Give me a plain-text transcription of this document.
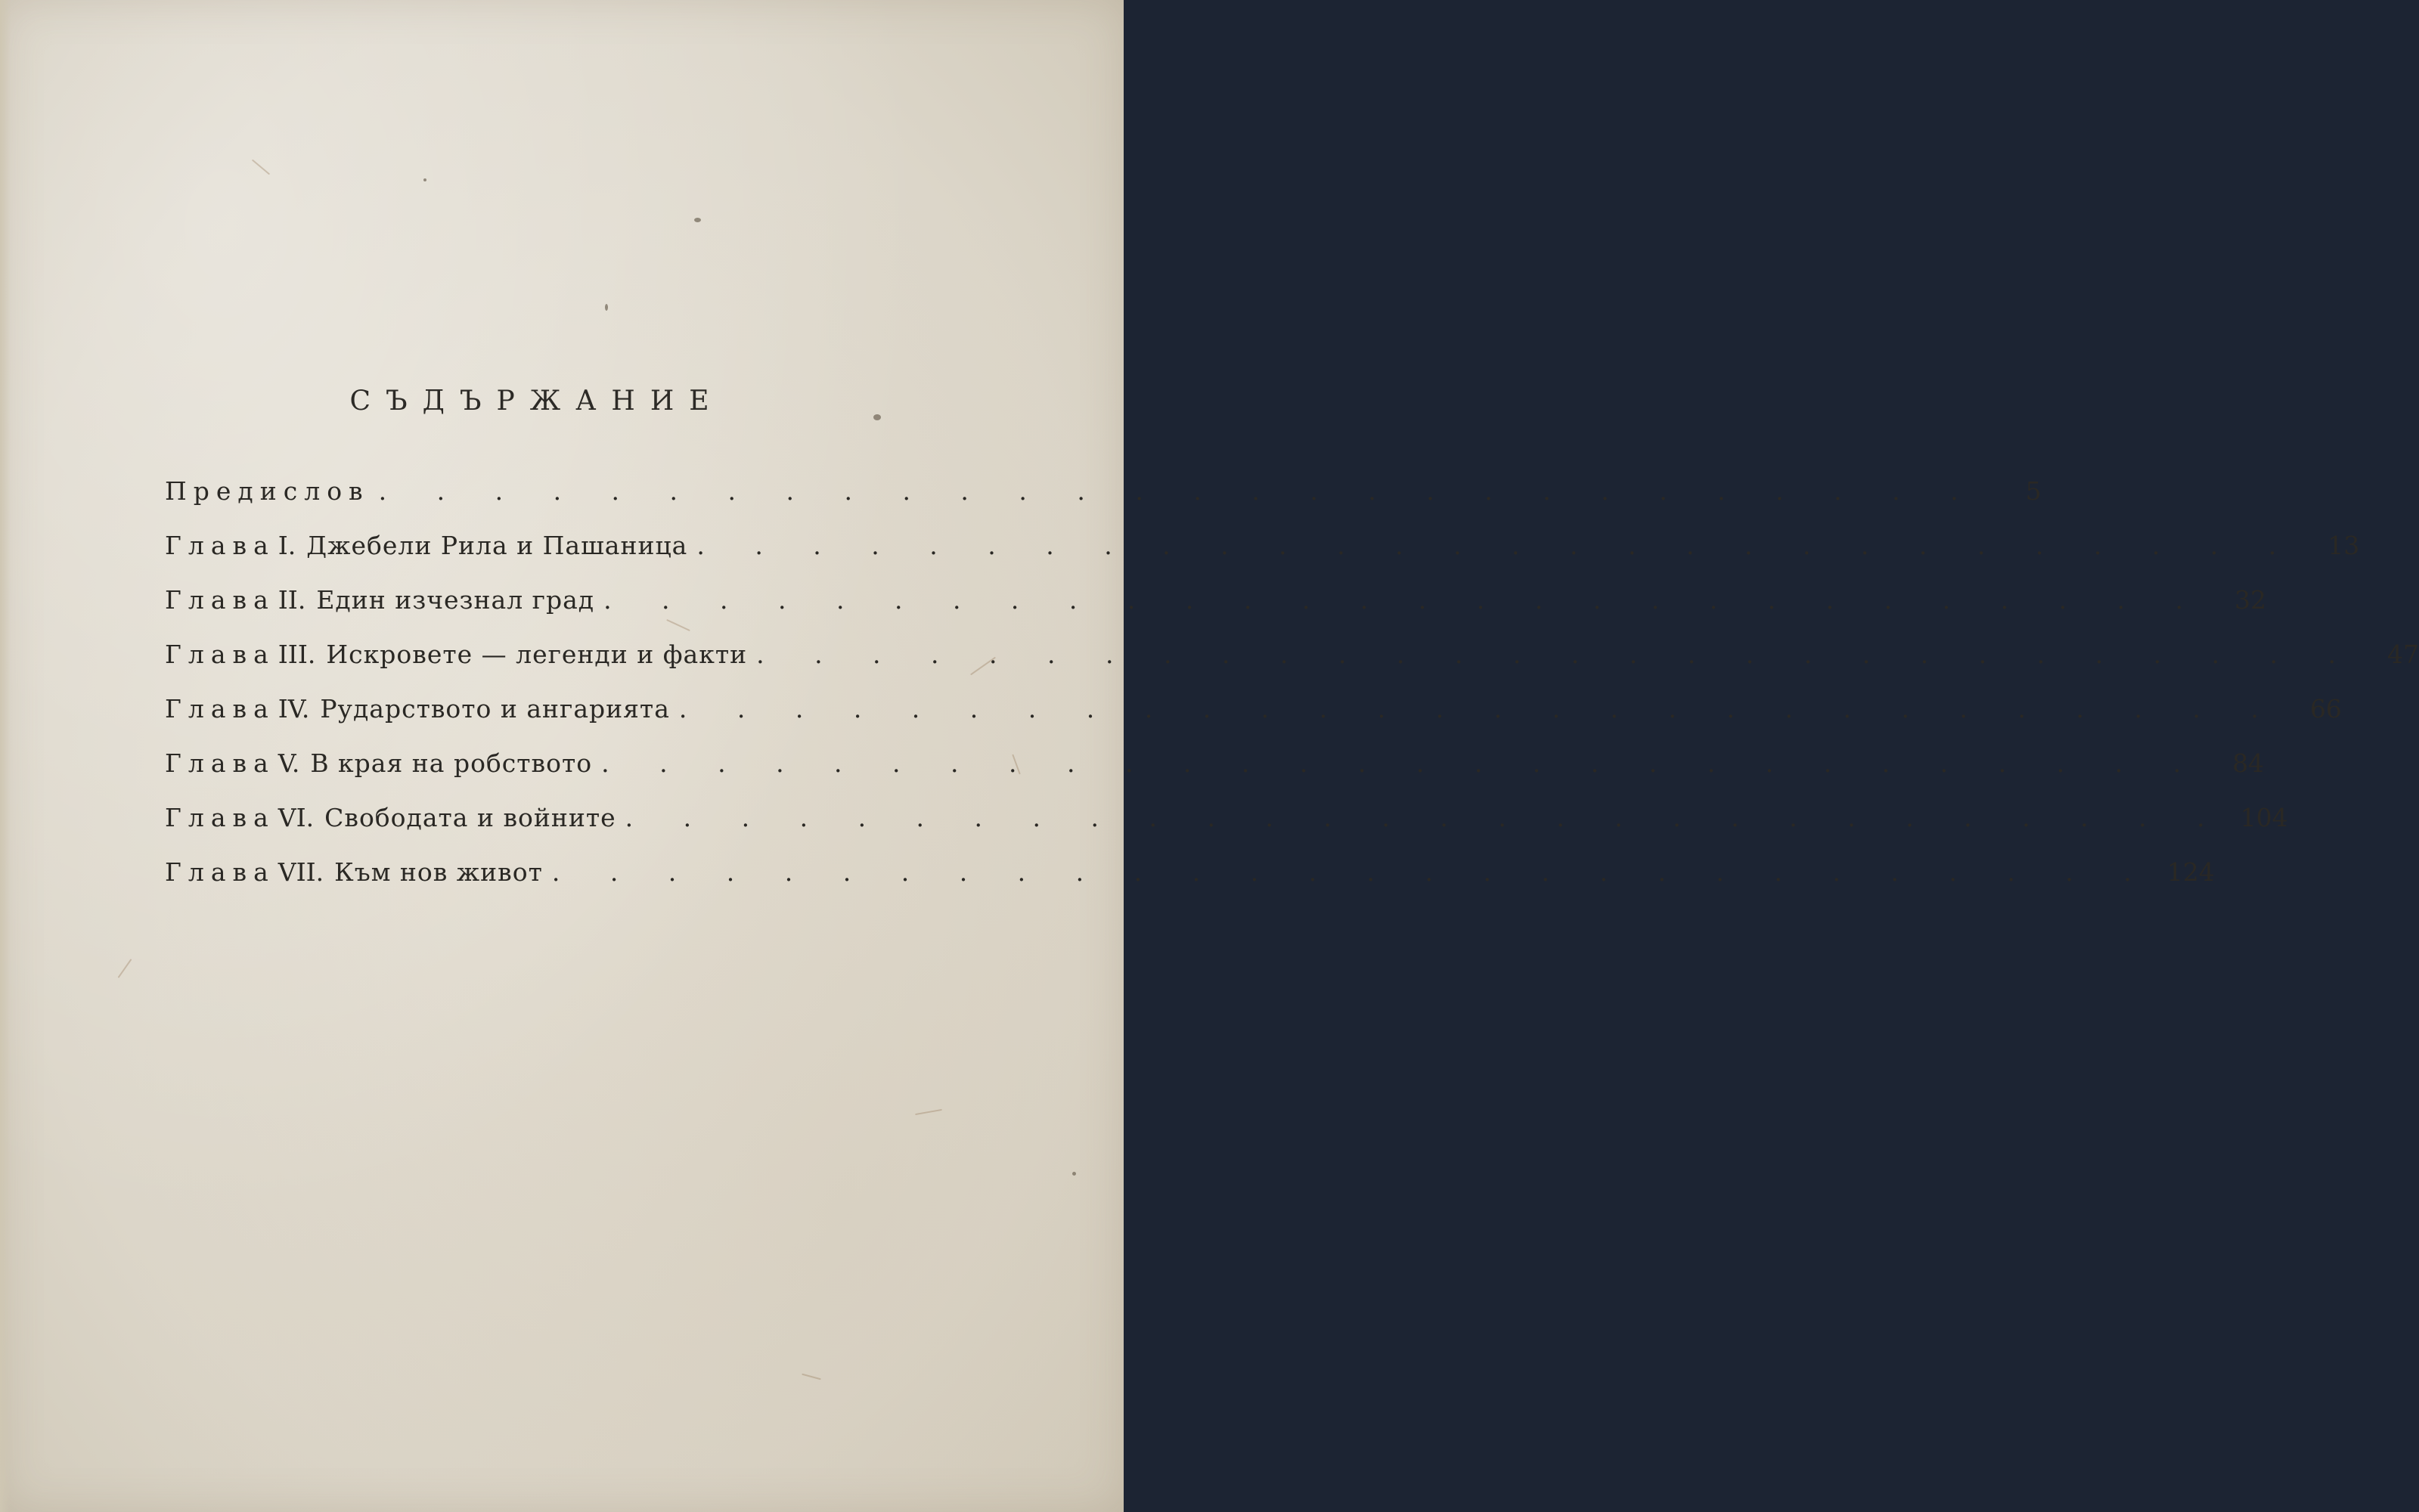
СЪДЪРЖАНИЕ
Предислов . . . . . . . . . . . . . . . . . . . . . . . . . . . .	5
Глава I. Джебели Рила и Пашаница . . . . . . . . . . . . . . . . . . . . . . . . . . . .	13
Глава II. Един изчезнал град . . . . . . . . . . . . . . . . . . . . . . . . . . . .	32
Глава III. Искровете — легенди и факти . . . . . . . . . . . . . . . . . . . . . . . . . . . .	47
Глава IV. Рударството и ангарията . . . . . . . . . . . . . . . . . . . . . . . . . . . .	66
Глава V. В края на робството . . . . . . . . . . . . . . . . . . . . . . . . . . . .	84
Глава VI. Свободата и войните . . . . . . . . . . . . . . . . . . . . . . . . . . . . 104
Глава VII. Към нов живот . . . . . . . . . . . . . . . . . . . . . . . . . . . . 124
